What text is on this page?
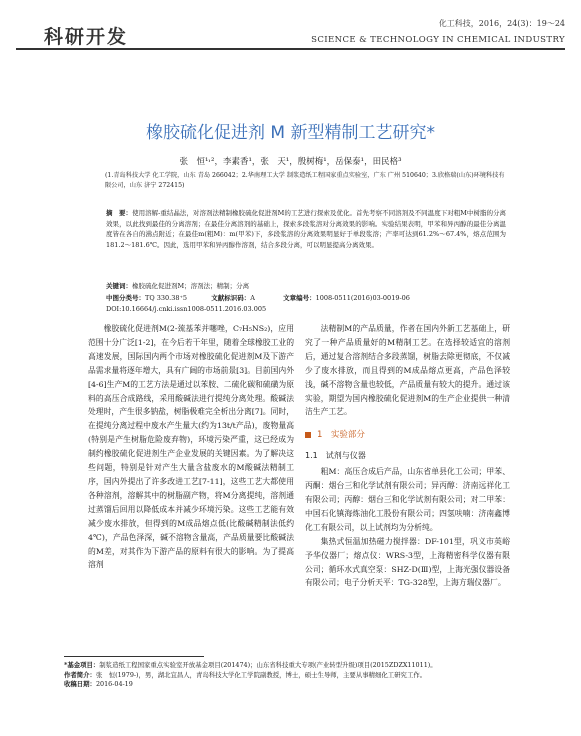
科研开发
化工科技，2016，24(3)：19～24
SCIENCE & TECHNOLOGY IN CHEMICAL INDUSTRY
橡胶硫化促进剂 M 新型精制工艺研究*
张　恒¹˒²，李素香¹，张　天¹，殷树梅¹，岳保泰¹，田民格³
(1.青岛科技大学 化工学院，山东 青岛 266042；2.华南理工大学 制浆造纸工程国家重点实验室，广东 广州 510640；3.欣格瑞(山东)环境科技有限公司，山东 济宁 272415)
摘　要：使用溶解-重结晶法，对溶剂法精制橡胶硫化促进剂M的工艺进行探索及优化。首先考察不同溶剂及不同温度下对粗M中树脂的分离效果，以此找到最佳的分离溶剂；在最佳分离溶剂的基础上，探索多段浆溶对分离效果的影响。实验结果表明，甲苯和异丙醇的最佳分离温度皆在各自的沸点附近；在最佳m(粗M)：m(甲苯)下，多段浆溶的分离效果明显好于单段浆溶；产率可达到61.2%～67.4%，熔点范围为181.2～181.6℃。因此，选用甲苯和异丙醇作溶剂，结合多段分离，可以明显提高分离效果。
关键词：橡胶硫化促进剂M；溶剂法；精制；分离
中图分类号：TQ 330.38⁺5	文献标识码：A	文章编号：1008-0511(2016)03-0019-06
DOI:10.16664/j.cnki.issn1008-0511.2016.03.005

橡胶硫化促进剂M(2-巯基苯并噻唑，C₇H₅NS₂)，应用范围十分广泛[1-2]，在今后若干年里，随着全球橡胶工业的高速发展，国际国内两个市场对橡胶硫化促进剂M及下游产品需求量将逐年增大，具有广阔的市场前景[3]。目前国内外[4-6]生产M的工艺方法是通过以苯胺、二硫化碳和硫磺为原料的高压合成路线，采用酸碱法进行提纯分离处理。酸碱法处理时，产生很多钠盐，树脂极难完全析出分离[7]。同时，在提纯分离过程中废水产生量大(约为13t/t产品)，废物量高(特别是产生树脂危险废弃物)，环境污染严重，这已经成为制约橡胶硫化促进剂生产企业发展的关键因素。为了解决这些问题，特别是针对产生大量含盐废水的M酸碱法精制工序，国内外提出了许多改进工艺[7-11]，这些工艺大都使用各种溶剂，溶解其中的树脂副产物，将M分离提纯，溶剂通过蒸馏后回用以降低成本并减少环境污染。这些工艺能有效减少废水排放，但得到的M成品熔点低(比酸碱精制法低约4℃)，产品色泽深，碱不溶物含量高，产品质量要比酸碱法的M差，对其作为下游产品的原料有很大的影响。为了提高溶剂

法精制M的产品质量，作者在国内外新工艺基础上，研究了一种产品质量好的M精制工艺。在选择较适宜的溶剂后，通过复合溶剂结合多段蒸馏，树脂去除更彻底，不仅减少了废水排放，而且得到的M成品熔点更高，产品色泽较浅，碱不溶物含量也较低，产品质量有较大的提升。通过该实验，期望为国内橡胶硫化促进剂M的生产企业提供一种清洁生产工艺。

1　实验部分
1.1　试剂与仪器

粗M：高压合成后产品，山东省单县化工公司；甲苯、丙酮：烟台三和化学试剂有限公司；异丙醇：济南远祥化工有限公司；丙醇：烟台三和化学试剂有限公司；对二甲苯：中国石化镇海炼油化工股份有限公司；四氢呋喃：济南鑫博化工有限公司，以上试剂均为分析纯。

集热式恒温加热磁力搅拌器：DF-101型，巩义市英峪予华仪器厂；熔点仪：WRS-3型，上海精密科学仪器有限公司；循环水式真空泵：SHZ-D(Ⅲ)型，上海光强仪器设备有限公司；电子分析天平：TG-328型，上海方瑞仪器厂。

*基金项目：制浆造纸工程国家重点实验室开放基金项目(201474)；山东省科技重大专项(产业转型升级)项目(2015ZDZX11011)。
作者简介：张　恒(1979-)，男，湖北宜昌人，青岛科技大学化工学院副教授，博士，硕士生导师，主要从事精细化工研究工作。
收稿日期：2016-04-19
